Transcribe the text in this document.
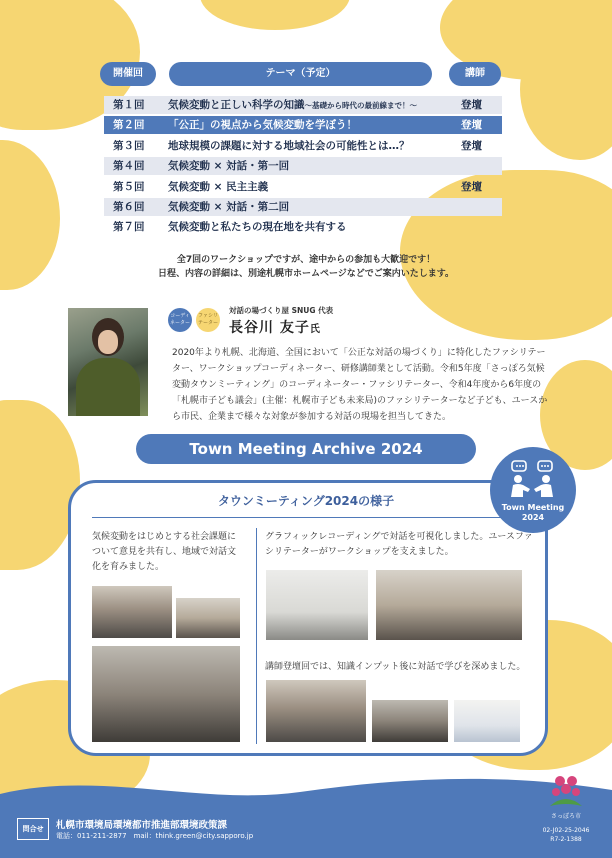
開催回	テーマ（予定）	講師
第１回 気候変動と正しい科学の知識～基礎から時代の最前線まで！～	登壇
第２回 「公正」の視点から気候変動を学ぼう！	登壇
第３回 地球規模の課題に対する地域社会の可能性とは…？	登壇
第４回 気候変動 × 対話・第一回
第５回 気候変動 × 民主主義	登壇
第６回 気候変動 × 対話・第二回
第７回 気候変動と私たちの現在地を共有する
全7回のワークショップですが、途中からの参加も大歓迎です！
日程、内容の詳細は、別途札幌市ホームページなどでご案内いたします。
コーディ
ネーター
ファシリ
テーター
対話の場づくり屋 SNUG 代表
長谷川 友子氏
2020年より札幌、北海道、全国において「公正な対話の場づくり」に特化したファシリテーター、ワークショップコーディネーター、研修講師業として活動。令和5年度「さっぽろ気候変動タウンミーティング」のコーディネーター・ファシリテーター、令和4年度から6年度の「札幌市子ども議会」(主催：札幌市子ども未来局)のファシリテーターなど子ども、ユースから市民、企業まで様々な対象が参加する対話の現場を担当してきた。
Town Meeting Archive 2024
タウンミーティング2024の様子
気候変動をはじめとする社会課題について意見を共有し、地域で対話文化を育みました。
グラフィックレコーディングで対話を可視化しました。ユースファシリテーターがワークショップを支えました。
講師登壇回では、知識インプット後に対話で学びを深めました。
Town Meeting
2024
問合せ	札幌市環境局環境都市推進部環境政策課
電話：011-211-2877　mail：think.green@city.sapporo.jp
さっぽろ市
02-J02-25-2046
R7-2-1388
